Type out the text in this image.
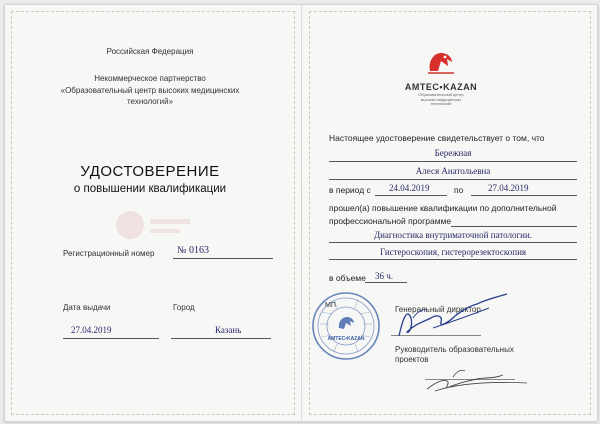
Российская Федерация
Некоммерческое партнерство
«Образовательный центр высоких медицинских
технологий»
УДОСТОВЕРЕНИЕ
о повышении квалификации
Регистрационный номер № 0163
Дата выдачи	Город
27.04.2019	Казань
AMTEC•KAZAN
Образовательный центр
высоких медицинских
технологий
Настоящее удостоверение свидетельствует о том, что
Бережная
Алеся Анатольевна
в период с 24.04.2019	по	27.04.2019
прошел(а) повышение квалификации по дополнительной
профессиональной программе
Диагностика внутриматочной патологии.
Гистероскопия, гистерорезектоскопия
в объеме 36 ч.
МП
AMTEC•KAZAN
Генеральный директор
Руководитель образовательных
проектов
